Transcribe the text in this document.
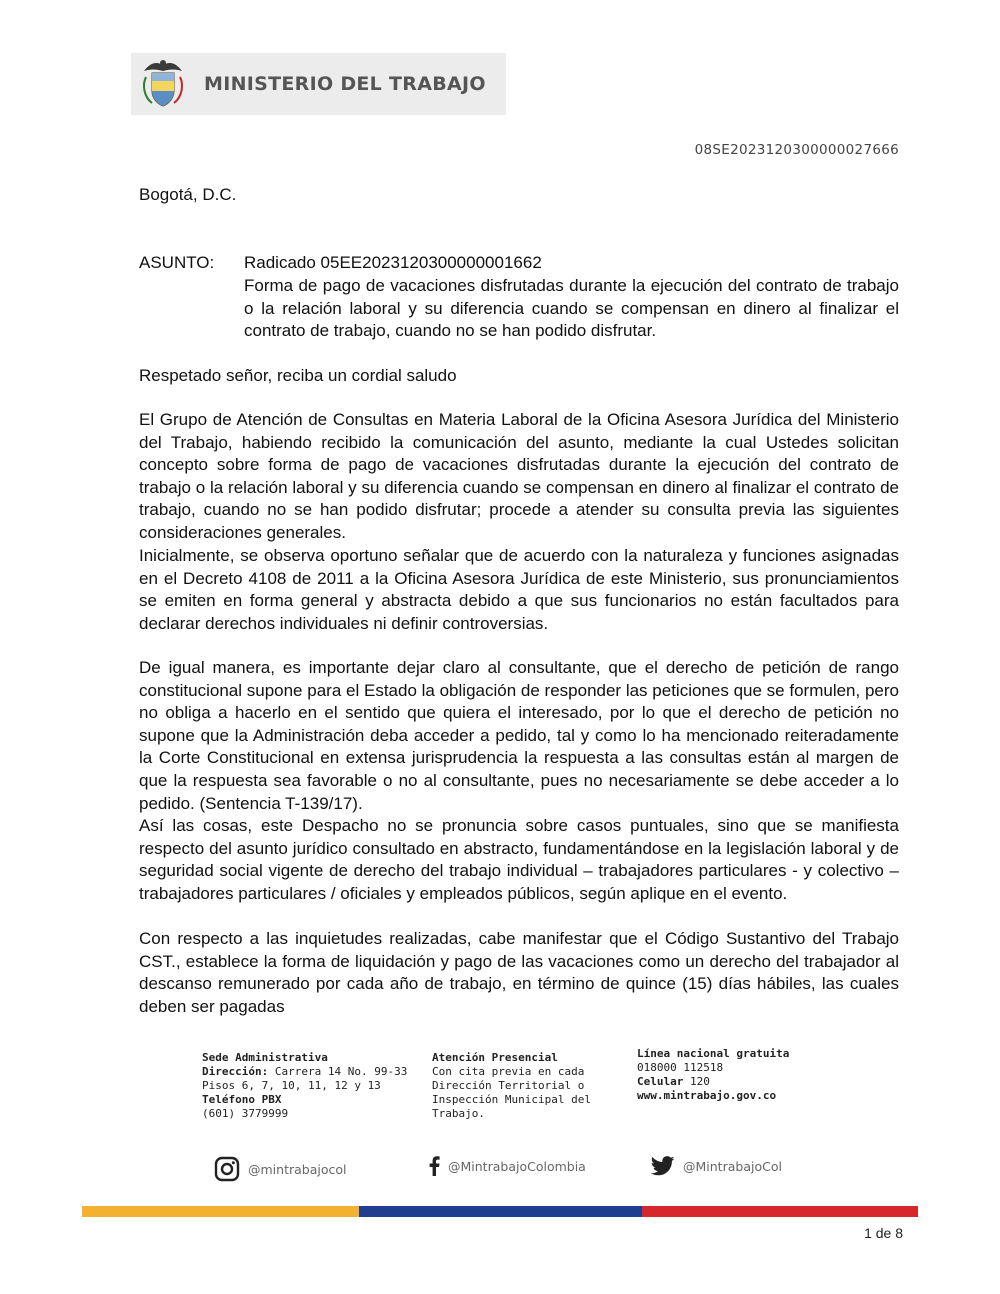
MINISTERIO DEL TRABAJO
08SE2023120300000027666
Bogotá, D.C.
ASUNTO: Radicado 05EE2023120300000001662
Forma de pago de vacaciones disfrutadas durante la ejecución del contrato de trabajo o la relación laboral y su diferencia cuando se compensan en dinero al finalizar el contrato de trabajo, cuando no se han podido disfrutar.
Respetado señor, reciba un cordial saludo
El Grupo de Atención de Consultas en Materia Laboral de la Oficina Asesora Jurídica del Ministerio del Trabajo, habiendo recibido la comunicación del asunto, mediante la cual Ustedes solicitan concepto sobre forma de pago de vacaciones disfrutadas durante la ejecución del contrato de trabajo o la relación laboral y su diferencia cuando se compensan en dinero al finalizar el contrato de trabajo, cuando no se han podido disfrutar; procede a atender su consulta previa las siguientes consideraciones generales.
Inicialmente, se observa oportuno señalar que de acuerdo con la naturaleza y funciones asignadas en el Decreto 4108 de 2011 a la Oficina Asesora Jurídica de este Ministerio, sus pronunciamientos se emiten en forma general y abstracta debido a que sus funcionarios no están facultados para declarar derechos individuales ni definir controversias.
De igual manera, es importante dejar claro al consultante, que el derecho de petición de rango constitucional supone para el Estado la obligación de responder las peticiones que se formulen, pero no obliga a hacerlo en el sentido que quiera el interesado, por lo que el derecho de petición no supone que la Administración deba acceder a pedido, tal y como lo ha mencionado reiteradamente la Corte Constitucional en extensa jurisprudencia la respuesta a las consultas están al margen de que la respuesta sea favorable o no al consultante, pues no necesariamente se debe acceder a lo pedido. (Sentencia T-139/17).
Así las cosas, este Despacho no se pronuncia sobre casos puntuales, sino que se manifiesta respecto del asunto jurídico consultado en abstracto, fundamentándose en la legislación laboral y de seguridad social vigente de derecho del trabajo individual – trabajadores particulares - y colectivo – trabajadores particulares / oficiales y empleados públicos, según aplique en el evento.
Con respecto a las inquietudes realizadas, cabe manifestar que el Código Sustantivo del Trabajo CST., establece la forma de liquidación y pago de las vacaciones como un derecho del trabajador al descanso remunerado por cada año de trabajo, en término de quince (15) días hábiles, las cuales deben ser pagadas
Sede Administrativa
Dirección: Carrera 14 No. 99-33
Pisos 6, 7, 10, 11, 12 y 13
Teléfono PBX
(601) 3779999
Atención Presencial
Con cita previa en cada
Dirección Territorial o
Inspección Municipal del
Trabajo.
Línea nacional gratuita
018000 112518
Celular 120
www.mintrabajo.gov.co
@mintrabajocol	@MintrabajoColombia	@MintrabajoCol
1 de 8
